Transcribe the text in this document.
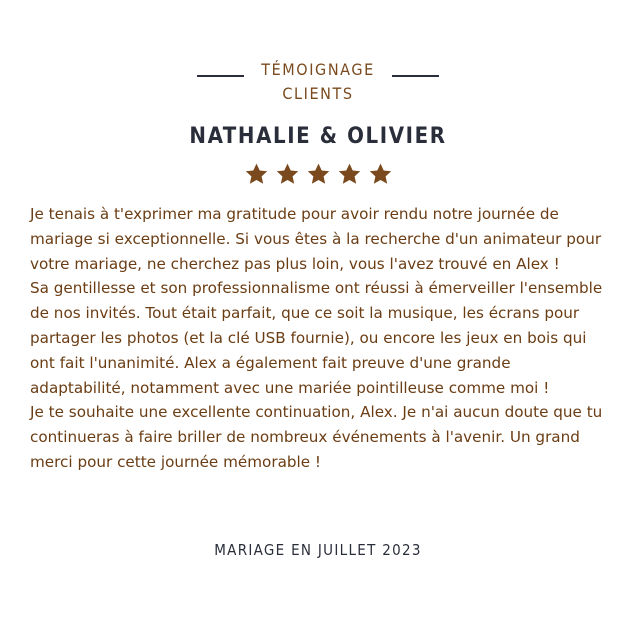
TÉMOIGNAGE
CLIENTS
NATHALIE & OLIVIER

Je tenais à t'exprimer ma gratitude pour avoir rendu notre journée de mariage si exceptionnelle. Si vous êtes à la recherche d'un animateur pour votre mariage, ne cherchez pas plus loin, vous l'avez trouvé en Alex !

Sa gentillesse et son professionnalisme ont réussi à émerveiller l'ensemble de nos invités. Tout était parfait, que ce soit la musique, les écrans pour partager les photos (et la clé USB fournie), ou encore les jeux en bois qui ont fait l'unanimité. Alex a également fait preuve d'une grande adaptabilité, notamment avec une mariée pointilleuse comme moi !

Je te souhaite une excellente continuation, Alex. Je n'ai aucun doute que tu continueras à faire briller de nombreux événements à l'avenir. Un grand merci pour cette journée mémorable !

MARIAGE EN JUILLET 2023
